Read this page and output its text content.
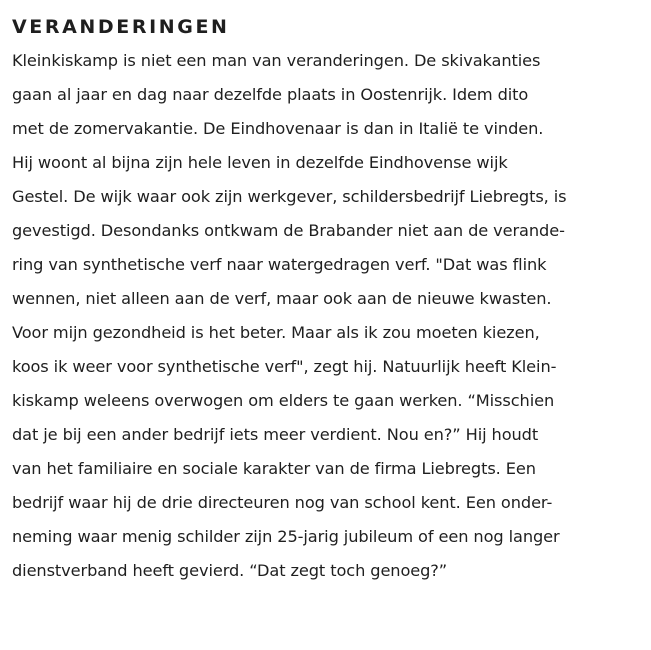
VERANDERINGEN
Kleinkiskamp is niet een man van veranderingen. De skivakanties
gaan al jaar en dag naar dezelfde plaats in Oostenrijk. Idem dito
met de zomervakantie. De Eindhovenaar is dan in Italië te vinden.
Hij woont al bijna zijn hele leven in dezelfde Eindhovense wijk
Gestel. De wijk waar ook zijn werkgever, schildersbedrijf Liebregts, is
gevestigd. Desondanks ontkwam de Brabander niet aan de verande-
ring van synthetische verf naar watergedragen verf. "Dat was flink
wennen, niet alleen aan de verf, maar ook aan de nieuwe kwasten.
Voor mijn gezondheid is het beter. Maar als ik zou moeten kiezen,
koos ik weer voor synthetische verf", zegt hij. Natuurlijk heeft Klein-
kiskamp weleens overwogen om elders te gaan werken. “Misschien
dat je bij een ander bedrijf iets meer verdient. Nou en?” Hij houdt
van het familiaire en sociale karakter van de firma Liebregts. Een
bedrijf waar hij de drie directeuren nog van school kent. Een onder-
neming waar menig schilder zijn 25-jarig jubileum of een nog langer
dienstverband heeft gevierd. “Dat zegt toch genoeg?”
